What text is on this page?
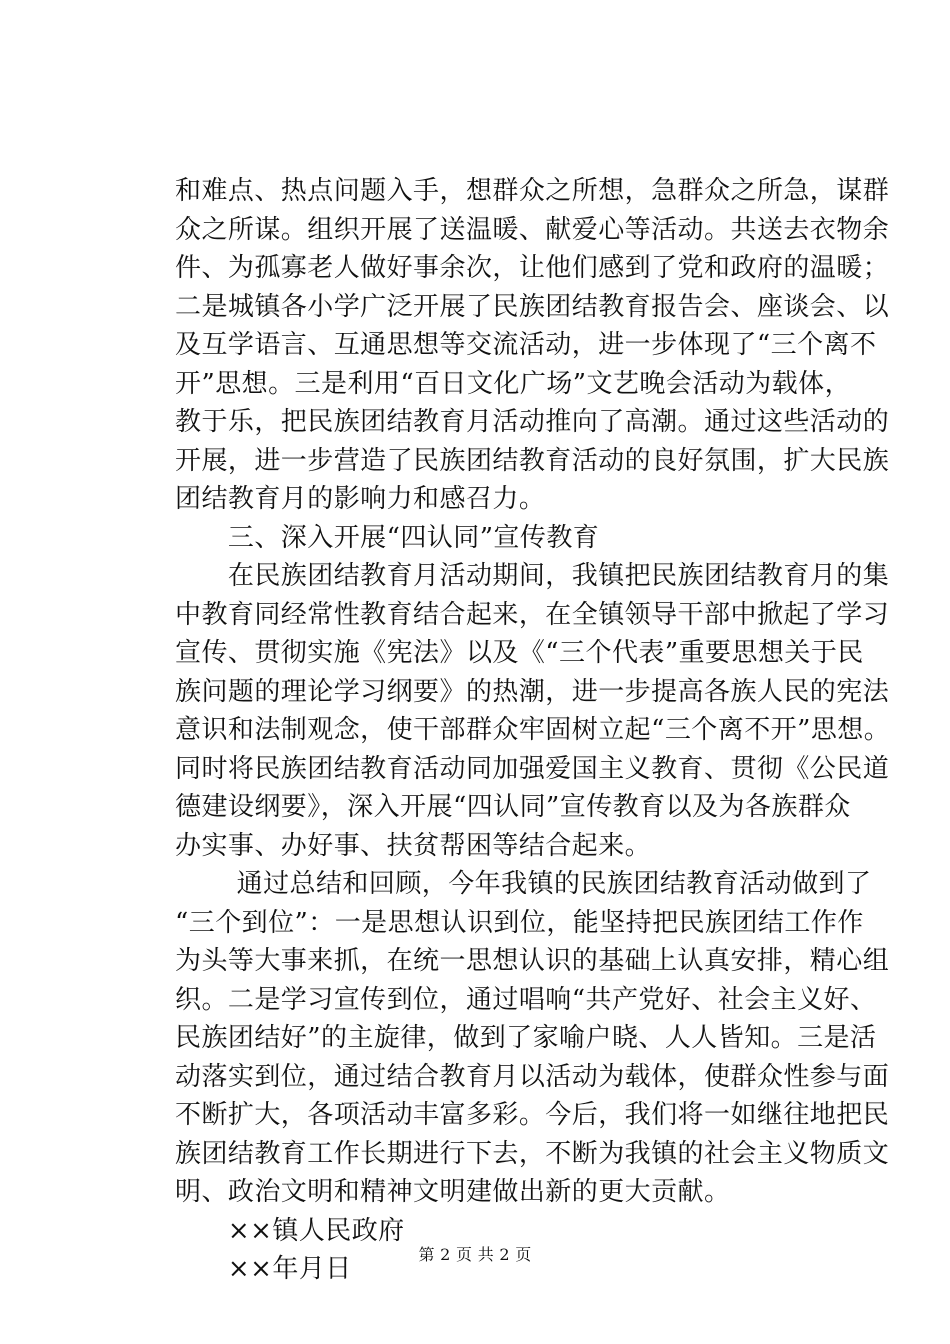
和难点、热点问题入手，想群众之所想，急群众之所急，谋群
众之所谋。组织开展了送温暖、献爱心等活动。共送去衣物余
件、为孤寡老人做好事余次，让他们感到了党和政府的温暖；
二是城镇各小学广泛开展了民族团结教育报告会、座谈会、以
及互学语言、互通思想等交流活动，进一步体现了“三个离不
开”思想。三是利用“百日文化广场”文艺晚会活动为载体，
教于乐，把民族团结教育月活动推向了高潮。通过这些活动的
开展，进一步营造了民族团结教育活动的良好氛围，扩大民族
团结教育月的影响力和感召力。
　　三、深入开展“四认同”宣传教育
　　在民族团结教育月活动期间，我镇把民族团结教育月的集
中教育同经常性教育结合起来，在全镇领导干部中掀起了学习
宣传、贯彻实施《宪法》以及《“三个代表”重要思想关于民
族问题的理论学习纲要》的热潮，进一步提高各族人民的宪法
意识和法制观念，使干部群众牢固树立起“三个离不开”思想。
同时将民族团结教育活动同加强爱国主义教育、贯彻《公民道
德建设纲要》，深入开展“四认同”宣传教育以及为各族群众
办实事、办好事、扶贫帮困等结合起来。
　　 通过总结和回顾，今年我镇的民族团结教育活动做到了
“三个到位”：一是思想认识到位，能坚持把民族团结工作作
为头等大事来抓，在统一思想认识的基础上认真安排，精心组
织。二是学习宣传到位，通过唱响“共产党好、社会主义好、
民族团结好”的主旋律，做到了家喻户晓、人人皆知。三是活
动落实到位，通过结合教育月以活动为载体，使群众性参与面
不断扩大，各项活动丰富多彩。今后，我们将一如继往地把民
族团结教育工作长期进行下去，不断为我镇的社会主义物质文
明、政治文明和精神文明建做出新的更大贡献。
　　××镇人民政府
　　××年月日	第 2 页 共 2 页
